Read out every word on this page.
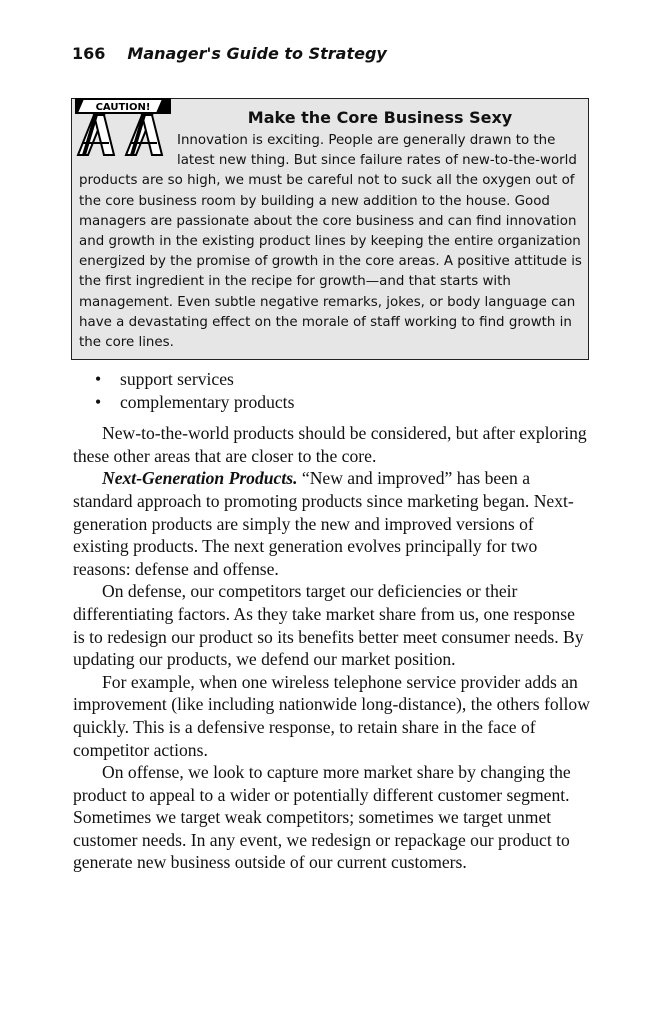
166 Manager's Guide to Strategy
CAUTION!
Make the Core Business Sexy

Innovation is exciting. People are generally drawn to the latest new thing. But since failure rates of new-to-the-world products are so high, we must be careful not to suck all the oxygen out of the core business room by building a new addition to the house. Good managers are passionate about the core business and can find innovation and growth in the existing product lines by keeping the entire organization energized by the promise of growth in the core areas. A positive attitude is the first ingredient in the recipe for growth—and that starts with management. Even subtle negative remarks, jokes, or body language can have a devastating effect on the morale of staff working to find growth in the core lines.

• support services
• complementary products

New-to-the-world products should be considered, but after exploring these other areas that are closer to the core.

Next-Generation Products. “New and improved” has been a standard approach to promoting products since marketing began. Next-generation products are simply the new and improved versions of existing products. The next generation evolves principally for two reasons: defense and offense.

On defense, our competitors target our deficiencies or their differentiating factors. As they take market share from us, one response is to redesign our product so its benefits better meet consumer needs. By updating our products, we defend our market position.

For example, when one wireless telephone service provider adds an improvement (like including nationwide long-distance), the others follow quickly. This is a defensive response, to retain share in the face of competitor actions.

On offense, we look to capture more market share by changing the product to appeal to a wider or potentially different customer segment. Sometimes we target weak competitors; sometimes we target unmet customer needs. In any event, we redesign or repackage our product to generate new business outside of our current customers.
